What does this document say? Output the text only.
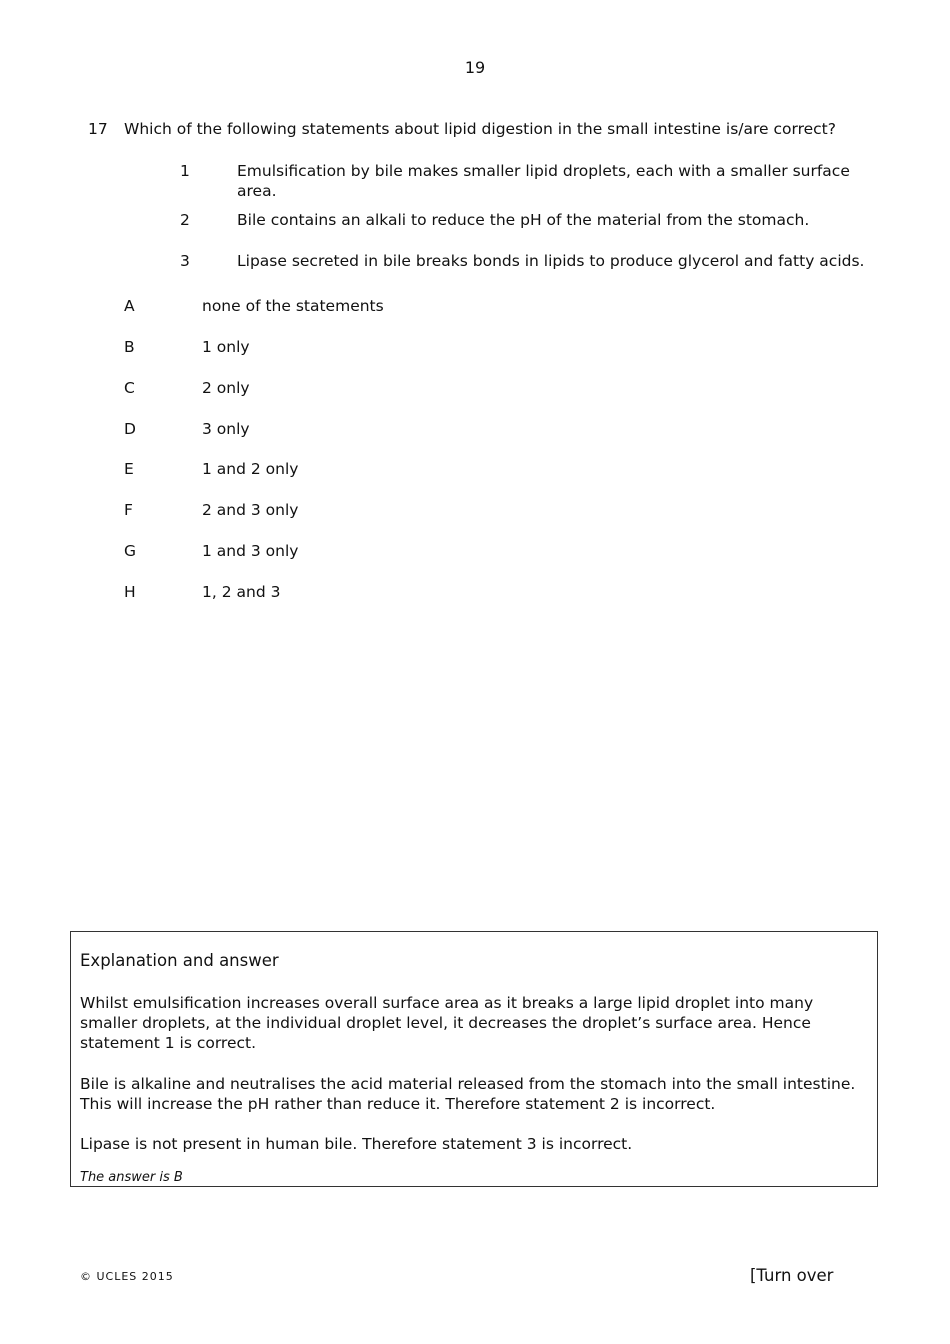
19
17 Which of the following statements about lipid digestion in the small intestine is/are correct?
1	Emulsification by bile makes smaller lipid droplets, each with a smaller surface area.
2	Bile contains an alkali to reduce the pH of the material from the stomach.
3	Lipase secreted in bile breaks bonds in lipids to produce glycerol and fatty acids.
A	none of the statements
B	1 only
C	2 only
D	3 only
E	1 and 2 only
F	2 and 3 only
G	1 and 3 only
H	1, 2 and 3
Explanation and answer
Whilst emulsification increases overall surface area as it breaks a large lipid droplet into many smaller droplets, at the individual droplet level, it decreases the droplet’s surface area. Hence statement 1 is correct.
Bile is alkaline and neutralises the acid material released from the stomach into the small intestine. This will increase the pH rather than reduce it. Therefore statement 2 is incorrect.
Lipase is not present in human bile. Therefore statement 3 is incorrect.
The answer is B
© UCLES 2015	[Turn over
